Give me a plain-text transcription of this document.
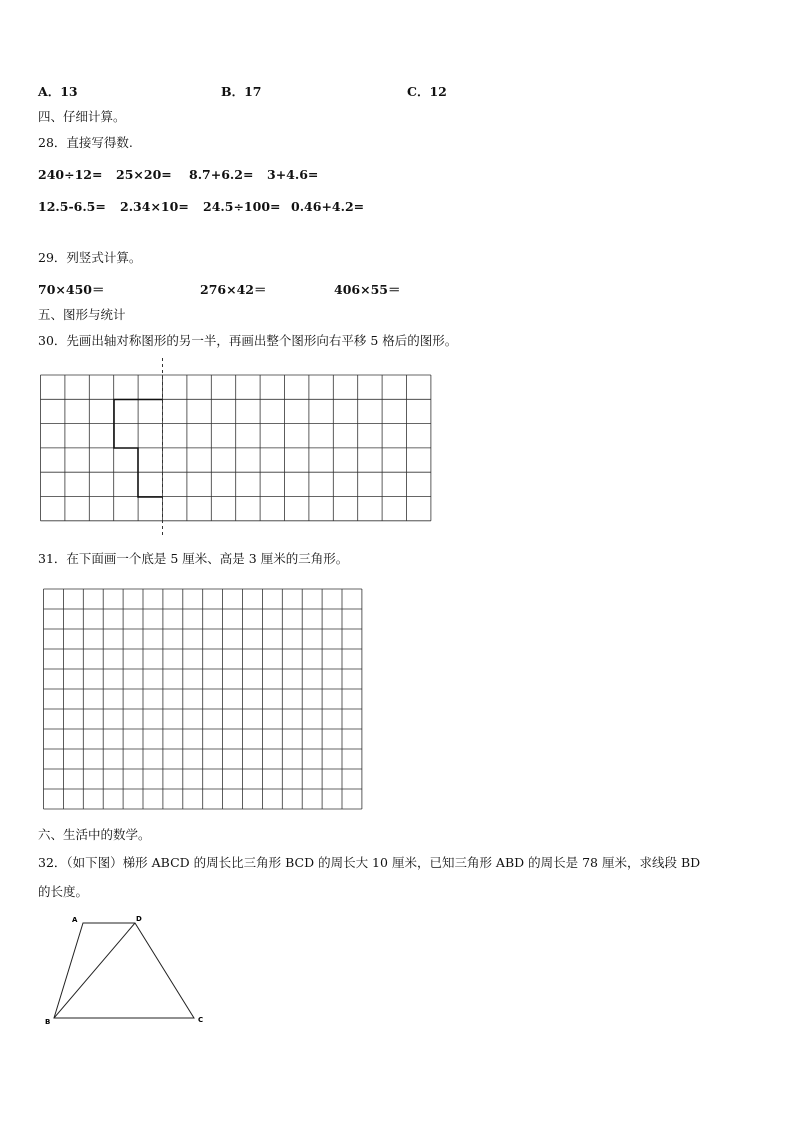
A．13	B．17	C．12
四、仔细计算。
28．直接写得数.
240÷12= 25×20= 8.7+6.2= 3+4.6=
12.5-6.5= 2.34×10= 24.5÷100= 0.46+4.2=
29．列竖式计算。
70×450＝	276×42＝	406×55＝
五、图形与统计
30．先画出轴对称图形的另一半，再画出整个图形向右平移 5 格后的图形。
31．在下面画一个底是 5 厘米、高是 3 厘米的三角形。
六、生活中的数学。
32．（如下图）梯形 ABCD 的周长比三角形 BCD 的周长大 10 厘米，已知三角形 ABD 的周长是 78 厘米，求线段 BD
的长度。
A	D
B	C
